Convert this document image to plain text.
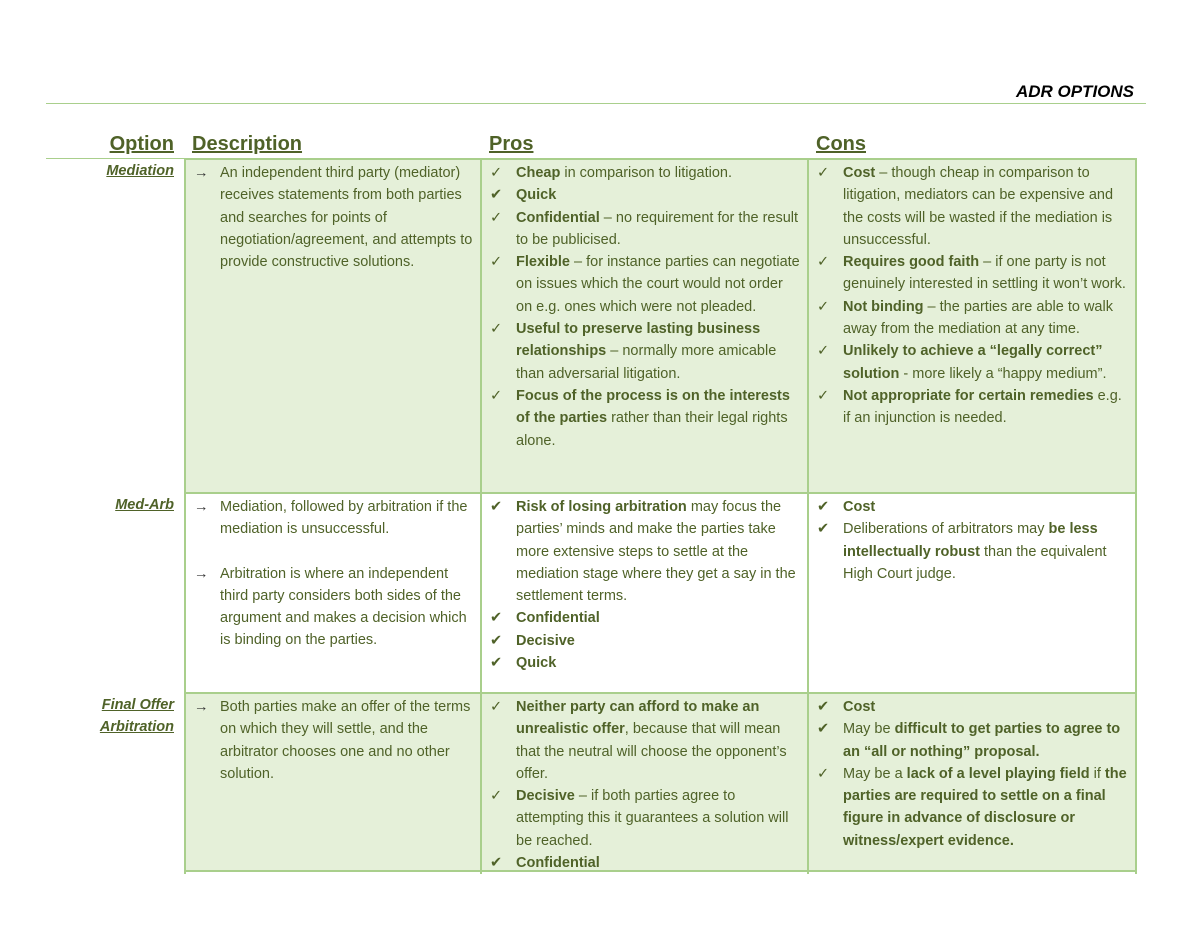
ADR OPTIONS
Option Description	Pros	Cons
→ An independent third party (mediator) receives statements from both parties and searches for points of negotiation/agreement, and attempts to provide constructive solutions.
✓ Cheap in comparison to litigation.
✔ Quick
✓ Confidential – no requirement for the result to be publicised.
✓ Flexible – for instance parties can negotiate on issues which the court would not order on e.g. ones which were not pleaded.
✓ Useful to preserve lasting business relationships – normally more amicable than adversarial litigation.
✓ Focus of the process is on the interests of the parties rather than their legal rights alone.
✓ Cost – though cheap in comparison to litigation, mediators can be expensive and the costs will be wasted if the mediation is unsuccessful.
✓ Requires good faith – if one party is not genuinely interested in settling it won’t work.
✓ Not binding – the parties are able to walk away from the mediation at any time.
✓ Unlikely to achieve a “legally correct” solution - more likely a “happy medium”.
✓ Not appropriate for certain remedies e.g. if an injunction is needed.
Mediation
→ Mediation, followed by arbitration if the mediation is unsuccessful.
→ Arbitration is where an independent third party considers both sides of the argument and makes a decision which is binding on the parties.
✔ Risk of losing arbitration may focus the parties’ minds and make the parties take more extensive steps to settle at the mediation stage where they get a say in the settlement terms.
✔ Confidential
✔ Decisive
✔ Quick
✔ Cost
✔ Deliberations of arbitrators may be less intellectually robust than the equivalent High Court judge.
Med-Arb
→ Both parties make an offer of the terms on which they will settle, and the arbitrator chooses one and no other solution.
✓ Neither party can afford to make an unrealistic offer, because that will mean that the neutral will choose the opponent’s offer.
✓ Decisive – if both parties agree to attempting this it guarantees a solution will be reached.
✔ Confidential
✔ Cost
✔ May be difficult to get parties to agree to an “all or nothing” proposal.
✓ May be a lack of a level playing field if the parties are required to settle on a final figure in advance of disclosure or witness/expert evidence.
Final Offer
Arbitration
